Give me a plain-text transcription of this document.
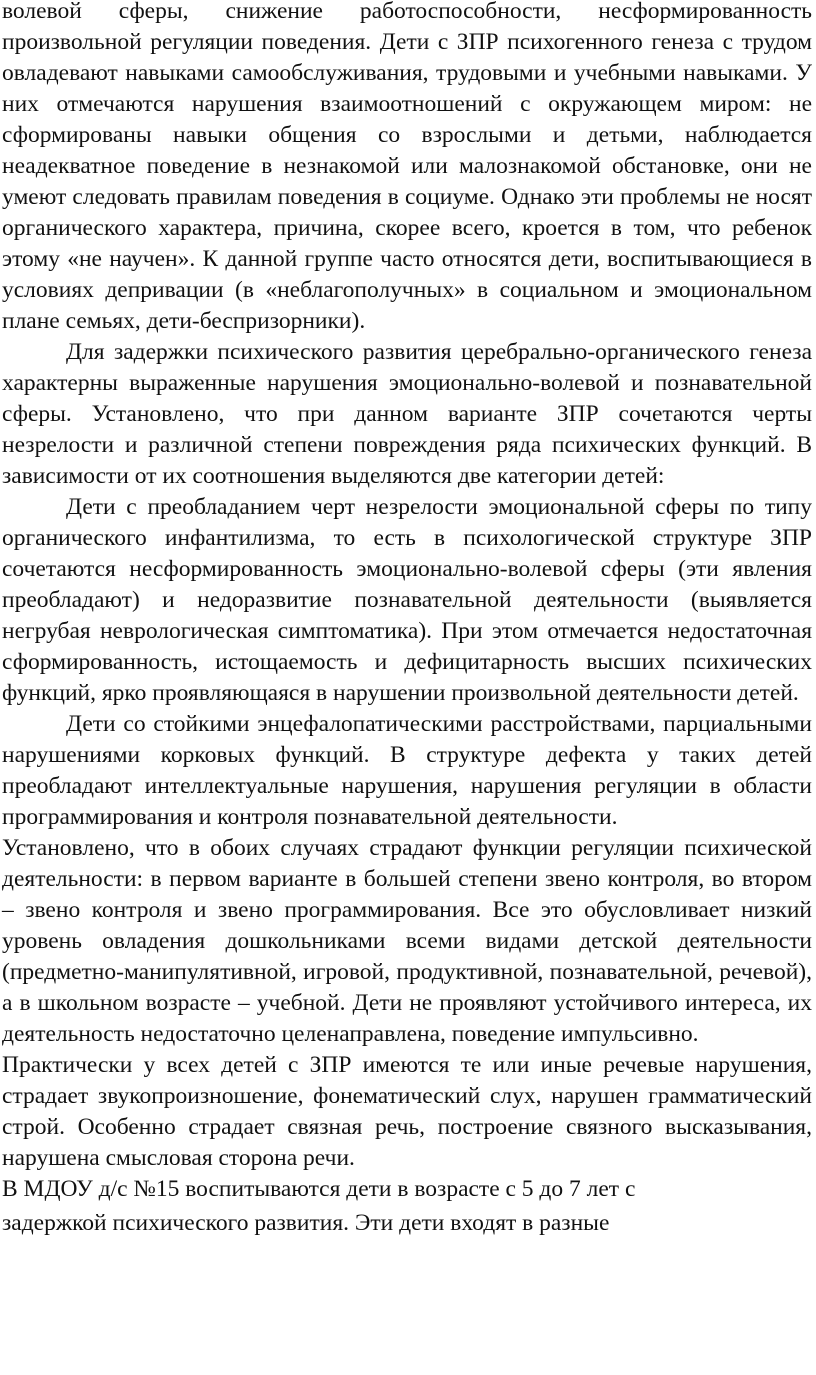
волевой сферы, снижение работоспособности, несформированность произвольной регуляции поведения. Дети с ЗПР психогенного генеза с трудом овладевают навыками самообслуживания, трудовыми и учебными навыками. У них отмечаются нарушения взаимоотношений с окружающем миром: не сформированы навыки общения со взрослыми и детьми, наблюдается неадекватное поведение в незнакомой или малознакомой обстановке, они не умеют следовать правилам поведения в социуме. Однако эти проблемы не носят органического характера, причина, скорее всего, кроется в том, что ребенок этому «не научен». К данной группе часто относятся дети, воспитывающиеся в условиях депривации (в «неблагополучных» в социальном и эмоциональном плане семьях, дети-беспризорники).

Для задержки психического развития церебрально-органического генеза характерны выраженные нарушения эмоционально-волевой и познавательной сферы. Установлено, что при данном варианте ЗПР сочетаются черты незрелости и различной степени повреждения ряда психических функций. В зависимости от их соотношения выделяются две категории детей:

Дети с преобладанием черт незрелости эмоциональной сферы по типу органического инфантилизма, то есть в психологической структуре ЗПР сочетаются несформированность эмоционально-волевой сферы (эти явления преобладают) и недоразвитие познавательной деятельности (выявляется негрубая неврологическая симптоматика). При этом отмечается недостаточная сформированность, истощаемость и дефицитарность высших психических функций, ярко проявляющаяся в нарушении произвольной деятельности детей.

Дети со стойкими энцефалопатическими расстройствами, парциальными нарушениями корковых функций. В структуре дефекта у таких детей преобладают интеллектуальные нарушения, нарушения регуляции в области программирования и контроля познавательной деятельности.

Установлено, что в обоих случаях страдают функции регуляции психической деятельности: в первом варианте в большей степени звено контроля, во втором – звено контроля и звено программирования. Все это обусловливает низкий уровень овладения дошкольниками всеми видами детской деятельности (предметно-манипулятивной, игровой, продуктивной, познавательной, речевой), а в школьном возрасте – учебной. Дети не проявляют устойчивого интереса, их деятельность недостаточно целенаправлена, поведение импульсивно.

Практически у всех детей с ЗПР имеются те или иные речевые нарушения, страдает звукопроизношение, фонематический слух, нарушен грамматический строй. Особенно страдает связная речь, построение связного высказывания, нарушена смысловая сторона речи.

В МДОУ д/с №15 воспитываются дети в возрасте с 5 до 7 лет с
задержкой психического развития. Эти дети входят в разные
